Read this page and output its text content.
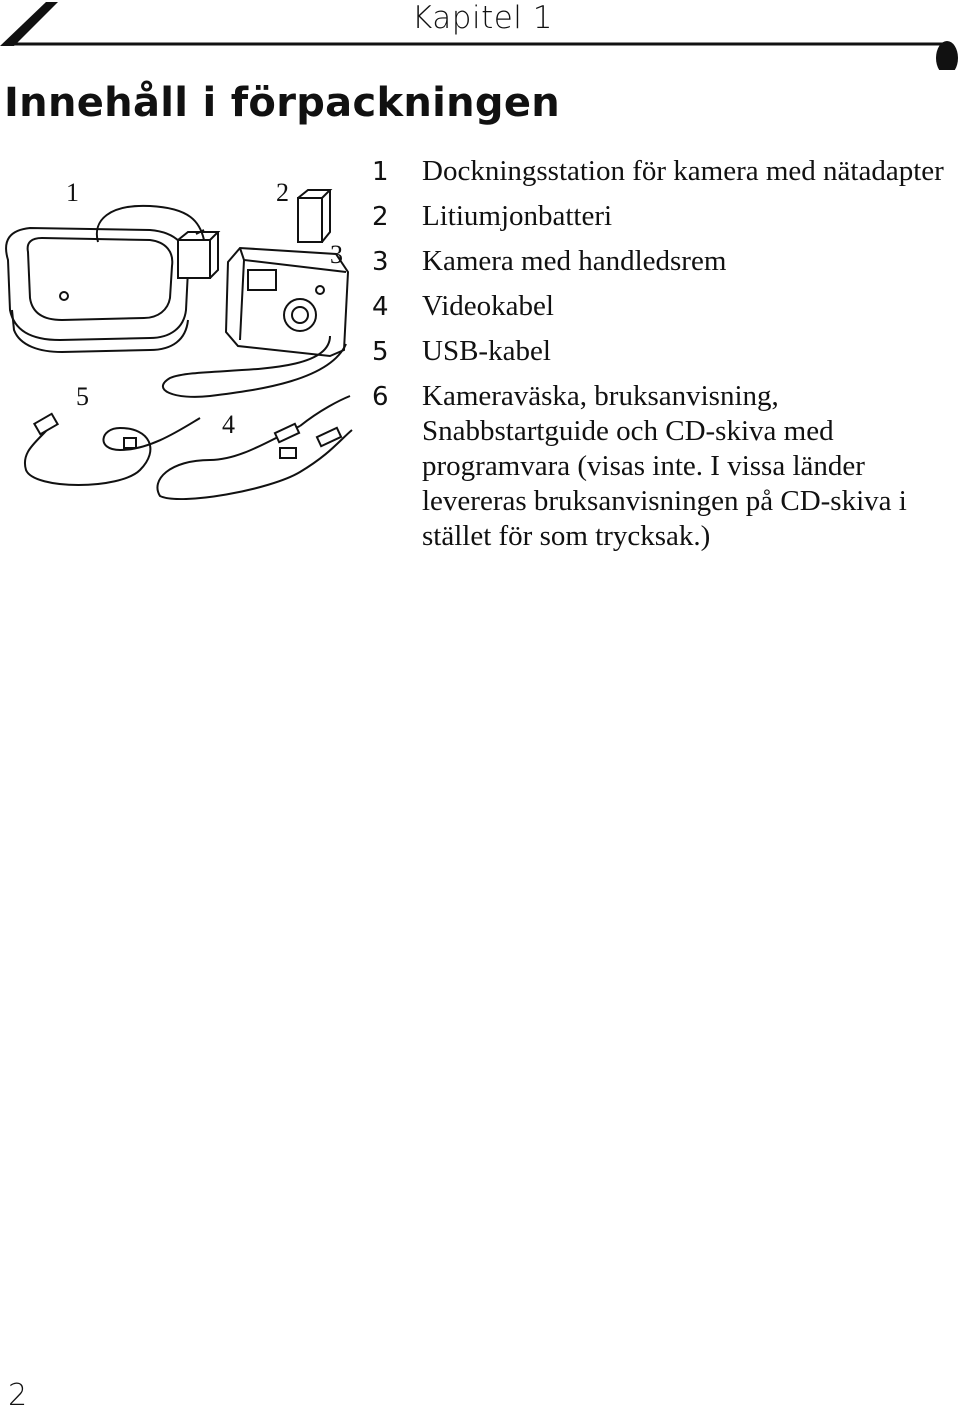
Kapitel 1
Innehåll i förpackningen
1	2
3
4
5
1	Dockningsstation för kamera med nätadapter
2	Litiumjonbatteri
3	Kamera med handledsrem
4	Videokabel
5	USB-kabel
6	Kameraväska, bruksanvisning, Snabbstartguide och CD-skiva med programvara (visas inte. I vissa länder levereras bruksanvisningen på CD-skiva i stället för som trycksak.)
2
